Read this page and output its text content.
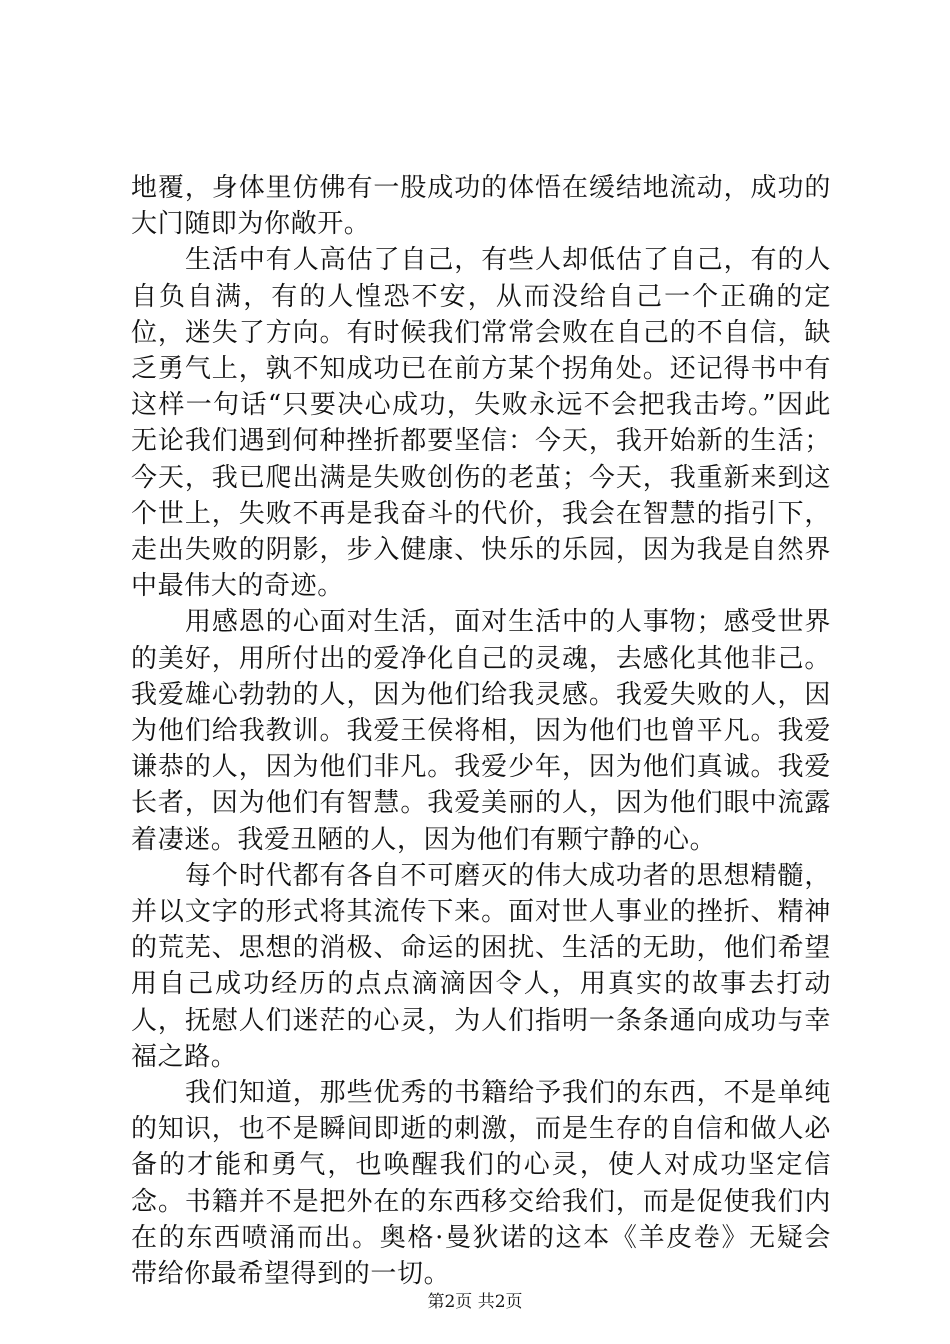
地覆，身体里仿佛有一股成功的体悟在缓结地流动，成功的大门随即为你敞开。

生活中有人高估了自己，有些人却低估了自己，有的人自负自满，有的人惶恐不安，从而没给自己一个正确的定位，迷失了方向。有时候我们常常会败在自己的不自信，缺乏勇气上，孰不知成功已在前方某个拐角处。还记得书中有这样一句话“只要决心成功，失败永远不会把我击垮。”因此无论我们遇到何种挫折都要坚信：今天，我开始新的生活；今天，我已爬出满是失败创伤的老茧；今天，我重新来到这个世上，失败不再是我奋斗的代价，我会在智慧的指引下，走出失败的阴影，步入健康、快乐的乐园，因为我是自然界中最伟大的奇迹。

用感恩的心面对生活，面对生活中的人事物；感受世界的美好，用所付出的爱净化自己的灵魂，去感化其他非己。我爱雄心勃勃的人，因为他们给我灵感。我爱失败的人，因为他们给我教训。我爱王侯将相，因为他们也曾平凡。我爱谦恭的人，因为他们非凡。我爱少年，因为他们真诚。我爱长者，因为他们有智慧。我爱美丽的人，因为他们眼中流露着凄迷。我爱丑陋的人，因为他们有颗宁静的心。

每个时代都有各自不可磨灭的伟大成功者的思想精髓，并以文字的形式将其流传下来。面对世人事业的挫折、精神的荒芜、思想的消极、命运的困扰、生活的无助，他们希望用自己成功经历的点点滴滴因令人，用真实的故事去打动人，抚慰人们迷茫的心灵，为人们指明一条条通向成功与幸福之路。

我们知道，那些优秀的书籍给予我们的东西，不是单纯的知识，也不是瞬间即逝的刺激，而是生存的自信和做人必备的才能和勇气，也唤醒我们的心灵，使人对成功坚定信念。书籍并不是把外在的东西移交给我们，而是促使我们内在的东西喷涌而出。奥格·曼狄诺的这本《羊皮卷》无疑会带给你最希望得到的一切。

第2页 共2页
